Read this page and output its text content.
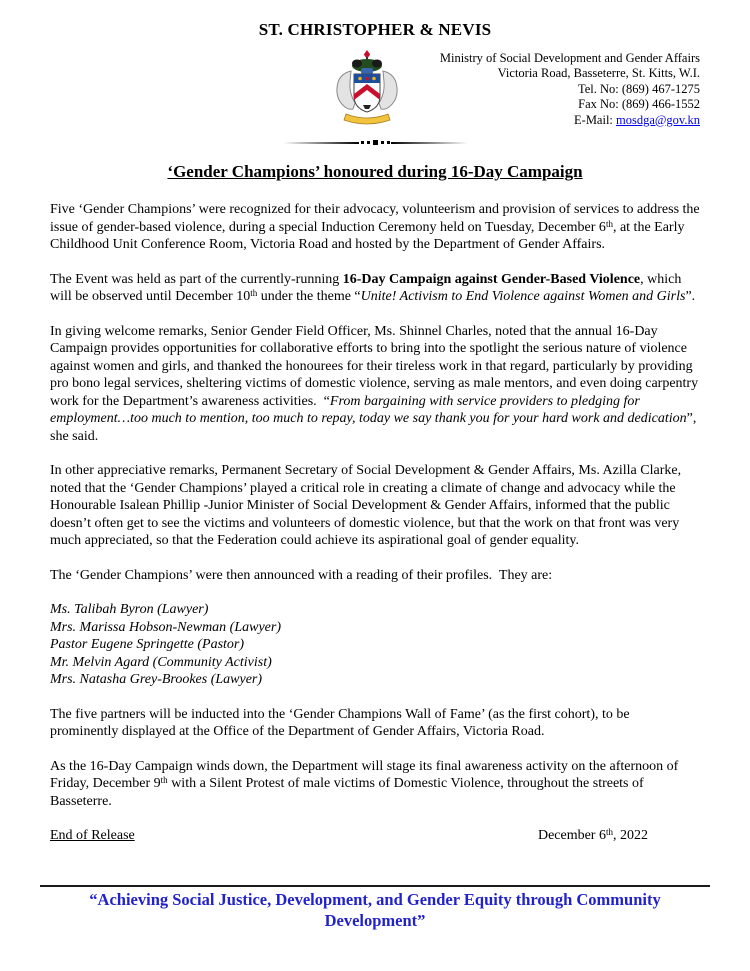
ST. CHRISTOPHER & NEVIS
Ministry of Social Development and Gender Affairs
Victoria Road, Basseterre, St. Kitts, W.I.
Tel. No: (869) 467-1275
Fax No: (869) 466-1552
E-Mail: mosdga@gov.kn
‘Gender Champions’ honoured during 16-Day Campaign

Five ‘Gender Champions’ were recognized for their advocacy, volunteerism and provision of services to address the issue of gender-based violence, during a special Induction Ceremony held on Tuesday, December 6th, at the Early Childhood Unit Conference Room, Victoria Road and hosted by the Department of Gender Affairs.

The Event was held as part of the currently-running 16-Day Campaign against Gender-Based Violence, which will be observed until December 10th under the theme “Unite! Activism to End Violence against Women and Girls”.

In giving welcome remarks, Senior Gender Field Officer, Ms. Shinnel Charles, noted that the annual 16-Day Campaign provides opportunities for collaborative efforts to bring into the spotlight the serious nature of violence against women and girls, and thanked the honourees for their tireless work in that regard, particularly by providing pro bono legal services, sheltering victims of domestic violence, serving as male mentors, and even doing carpentry work for the Department’s awareness activities.  “From bargaining with service providers to pledging for employment…too much to mention, too much to repay, today we say thank you for your hard work and dedication”, she said.

In other appreciative remarks, Permanent Secretary of Social Development & Gender Affairs, Ms. Azilla Clarke, noted that the ‘Gender Champions’ played a critical role in creating a climate of change and advocacy while the Honourable Isalean Phillip -Junior Minister of Social Development & Gender Affairs, informed that the public doesn’t often get to see the victims and volunteers of domestic violence, but that the work on that front was very much appreciated, so that the Federation could achieve its aspirational goal of gender equality.

The ‘Gender Champions’ were then announced with a reading of their profiles.  They are:

Ms. Talibah Byron (Lawyer)
Mrs. Marissa Hobson-Newman (Lawyer)
Pastor Eugene Springette (Pastor)
Mr. Melvin Agard (Community Activist)
Mrs. Natasha Grey-Brookes (Lawyer)

The five partners will be inducted into the ‘Gender Champions Wall of Fame’ (as the first cohort), to be prominently displayed at the Office of the Department of Gender Affairs, Victoria Road.

As the 16-Day Campaign winds down, the Department will stage its final awareness activity on the afternoon of Friday, December 9th with a Silent Protest of male victims of Domestic Violence, throughout the streets of Basseterre.

End of Release	December 6th, 2022
“Achieving Social Justice, Development, and Gender Equity through Community Development”
